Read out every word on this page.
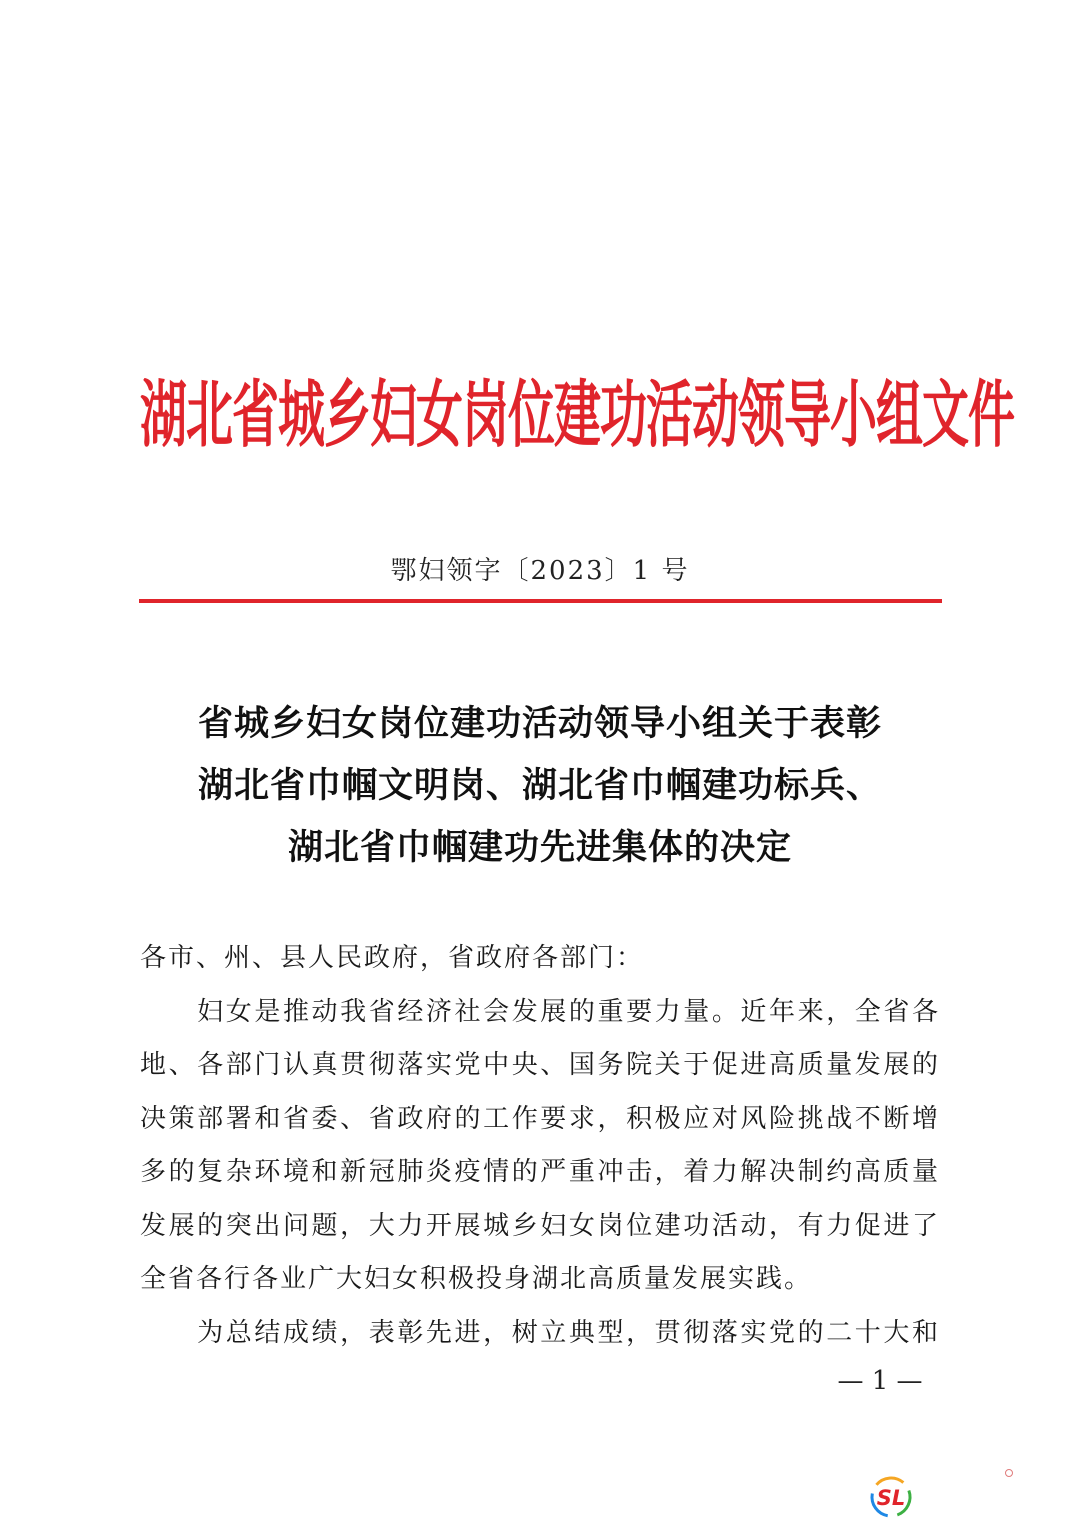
湖北省城乡妇女岗位建功活动领导小组文件
鄂妇领字〔2023〕1 号
省城乡妇女岗位建功活动领导小组关于表彰
湖北省巾帼文明岗、湖北省巾帼建功标兵、
湖北省巾帼建功先进集体的决定
各市、州、县人民政府，省政府各部门：
　　妇女是推动我省经济社会发展的重要力量。近年来，全省各
地、各部门认真贯彻落实党中央、国务院关于促进高质量发展的
决策部署和省委、省政府的工作要求，积极应对风险挑战不断增
多的复杂环境和新冠肺炎疫情的严重冲击，着力解决制约高质量
发展的突出问题，大力开展城乡妇女岗位建功活动，有力促进了
全省各行各业广大妇女积极投身湖北高质量发展实践。
　　为总结成绩，表彰先进，树立典型，贯彻落实党的二十大和
— 1 —
SL
